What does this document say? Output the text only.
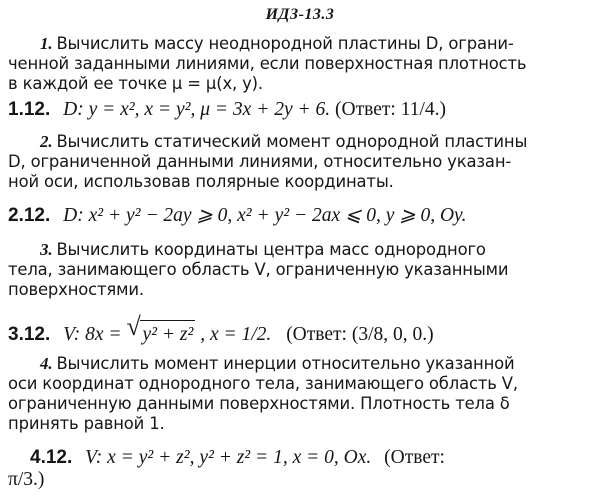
ИДЗ-13.3
1. Вычислить массу неоднородной пластины D, ограни-
ченной заданными линиями, если поверхностная плотность
в каждой ее точке μ = μ(x, y).
1.12. D: y = x², x = y², μ = 3x + 2y + 6. (Ответ: 11/4.)
2. Вычислить статический момент однородной пластины
D, ограниченной данными линиями, относительно указан-
ной оси, использовав полярные координаты.
2.12. D: x² + y² − 2ay ⩾ 0, x² + y² − 2ax ⩽ 0, y ⩾ 0, Oy.
3. Вычислить координаты центра масс однородного
тела, занимающего область V, ограниченную указанными
поверхностями.
3.12. V: 8x = √ y² + z² , x = 1/2. (Ответ: (3/8, 0, 0.)
4. Вычислить момент инерции относительно указанной
оси координат однородного тела, занимающего область V,
ограниченную данными поверхностями. Плотность тела δ
принять равной 1.
4.12. V: x = y² + z², y² + z² = 1, x = 0, Ox. (Ответ:
π/3.)
